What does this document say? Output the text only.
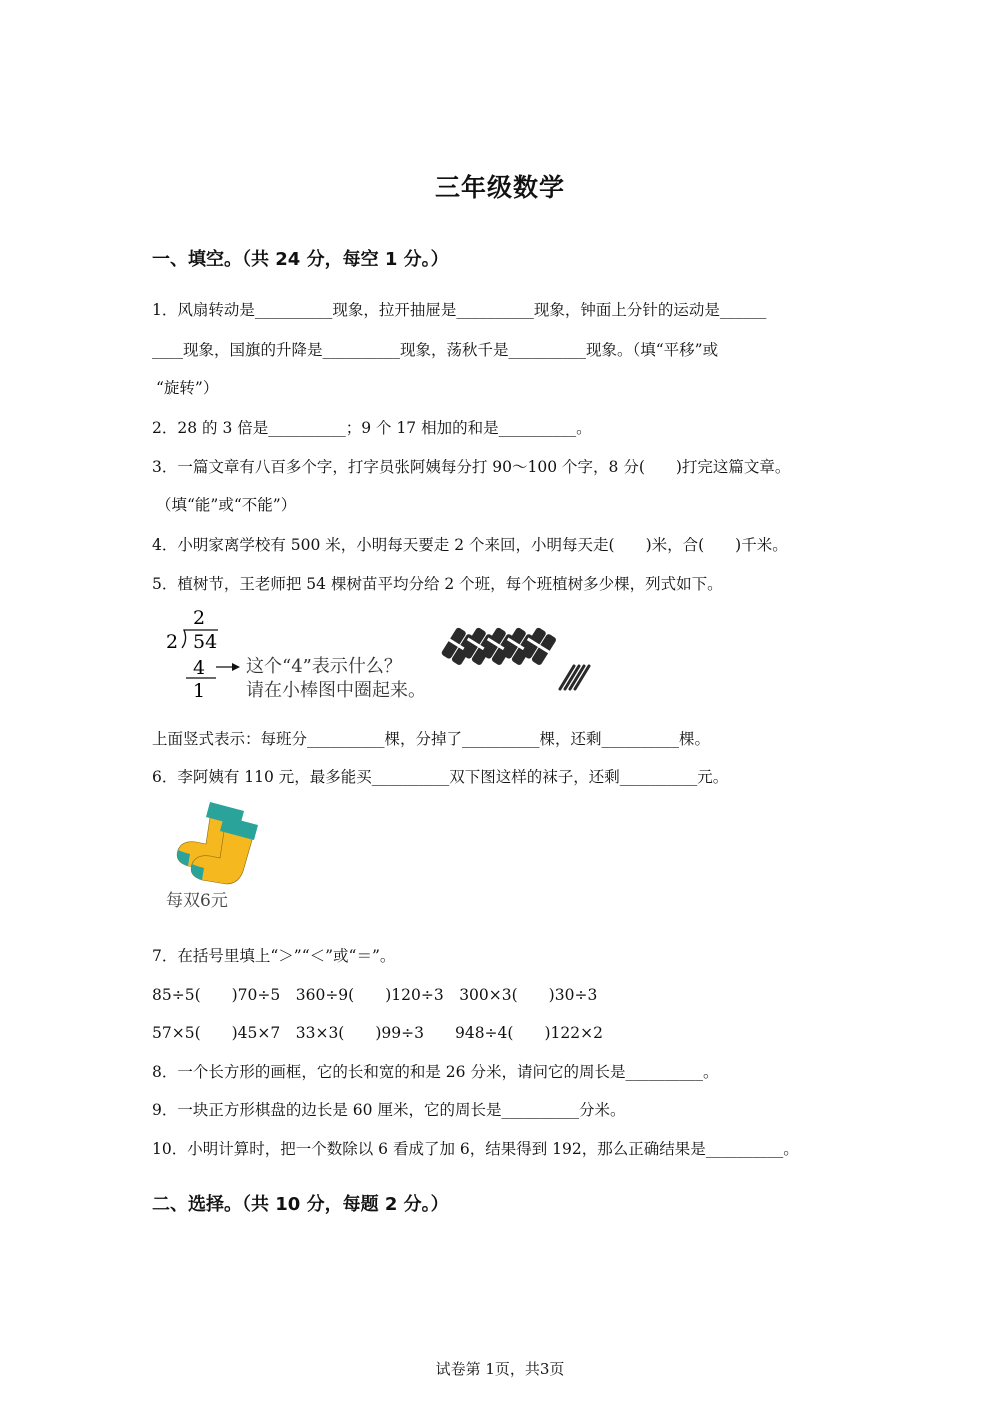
三年级数学
一、填空。（共 24 分，每空 1 分。）
1．风扇转动是__________现象，拉开抽屉是__________现象，钟面上分针的运动是______
____现象，国旗的升降是__________现象，荡秋千是__________现象。（填“平移”或
“旋转”）
2．28 的 3 倍是__________；9 个 17 相加的和是__________。
3．一篇文章有八百多个字，打字员张阿姨每分打 90～100 个字，8 分(　　)打完这篇文章。
（填“能”或“不能”）
4．小明家离学校有 500 米，小明每天要走 2 个来回，小明每天走(　　)米，合(　　)千米。
5．植树节，王老师把 54 棵树苗平均分给 2 个班，每个班植树多少棵，列式如下。
2
2 54
4
1
这个“4”表示什么？
请在小棒图中圈起来。
上面竖式表示：每班分__________棵，分掉了__________棵，还剩__________棵。
6．李阿姨有 110 元，最多能买__________双下图这样的袜子，还剩__________元。
每双6元
7．在括号里填上“＞”“＜”或“＝”。
85÷5(　　)70÷5　360÷9(　　)120÷3　300×3(　　)30÷3
57×5(　　)45×7　33×3(　　)99÷3　　948÷4(　　)122×2
8．一个长方形的画框，它的长和宽的和是 26 分米，请问它的周长是__________。
9．一块正方形棋盘的边长是 60 厘米，它的周长是__________分米。
10．小明计算时，把一个数除以 6 看成了加 6，结果得到 192，那么正确结果是__________。
二、选择。（共 10 分，每题 2 分。）
试卷第 1页，共3页
